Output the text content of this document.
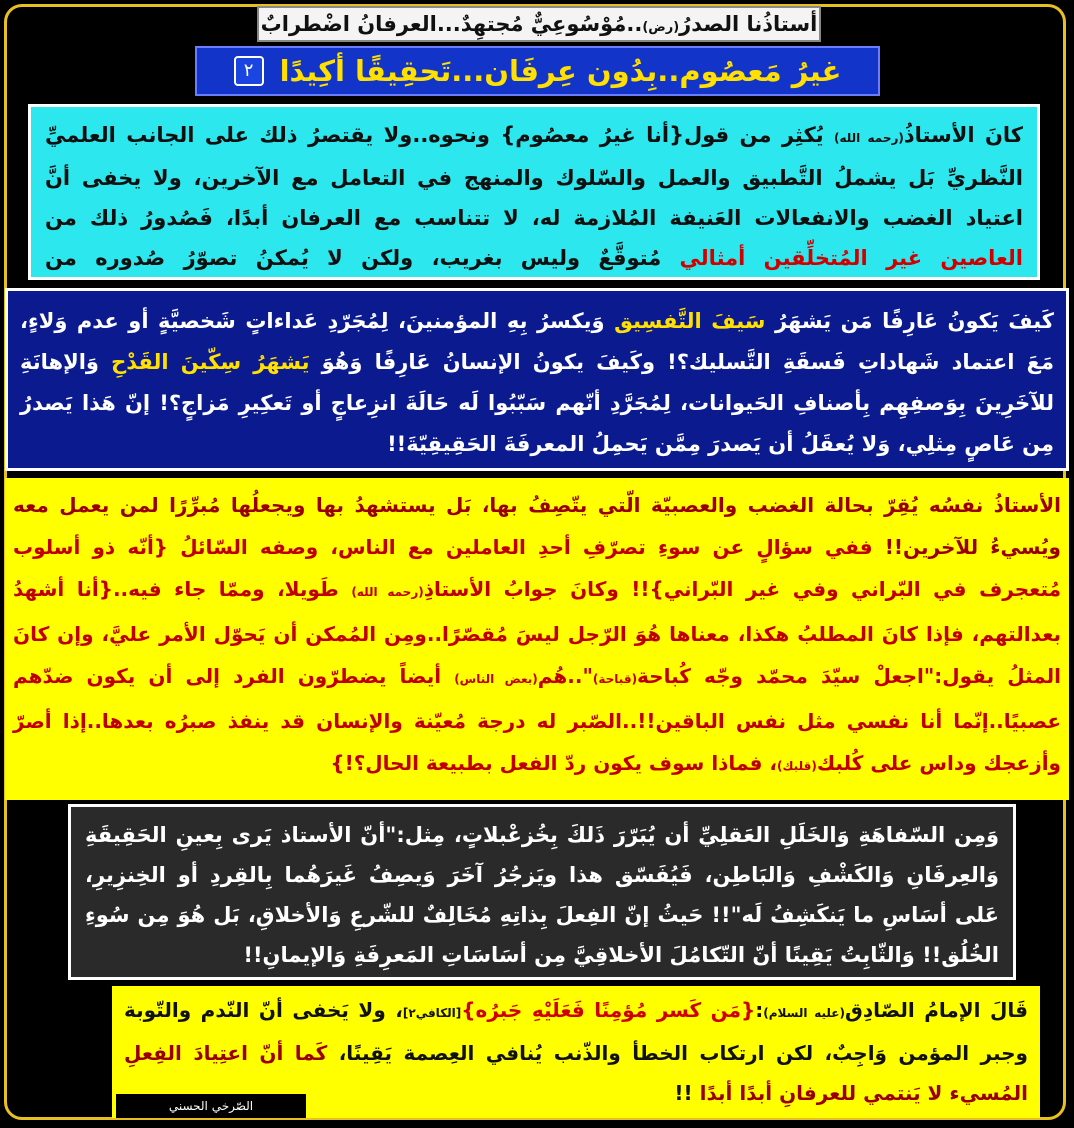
أستاذُنا الصدرُ(رض)..مُوْسُوعِيٌّ مُجتهِدٌ...العرفانُ اضْطرابٌ
غيرُ مَعصُوم..بِدُون عِرفَان...تَحقِيقًا أكِيدًا
٢
كانَ الأستاذُ(رحمه الله) يُكثِر من قول{أنا غيرُ معصُوم} ونحوه..ولا يقتصرُ ذلك على الجانب العلميِّ النَّظريِّ بَل يشملُ التَّطبيق والعمل والسّلوك والمنهج في التعامل مع الآخرين، ولا يخفى أنَّ اعتياد الغضب والانفعالات العَنيفة المُلازمة له، لا تتناسب مع العرفان أبدًا، فَصُدورُ ذلك من العاصين غير المُتخلِّقين أمثالي مُتوقَّعٌ وليس بغريب، ولكن لا يُمكنُ تصوّرُ صُدوره من
كَيفَ يَكونُ عَارِفًا مَن يَشهَرُ سَيفَ التَّفسِيق وَيكسرُ بِهِ المؤمنينَ، لِمُجَرّدِ عَداءاتٍ شَخصيَّةٍ أو عدم وَلاءٍ، مَعَ اعتماد شَهاداتِ فَسقَةِ التَّسليك؟! وكَيفَ يكونُ الإنسانُ عَارِفًا وَهُوَ يَشهَرُ سِكّينَ القَدْحِ وَالإهانَةِ للآخَرِينَ بِوَصفِهِم بِأصنافِ الحَيوانات، لِمُجَرَّدِ أنّهم سَبّبُوا لَه حَالَةَ انزِعاجٍ أو تَعكِيرِ مَزاجٍ؟! إنّ هَذا يَصدرُ مِن عَاصٍ مِثلِي، وَلا يُعقَلُ أن يَصدرَ مِمَّن يَحمِلُ المعرفَةَ الحَقِيقِيّةَ!!
الأستاذُ نفسُه يُقِرّ بحالة الغضب والعصبيّة الّتي يتّصِفُ بها، بَل يستشهدُ بها ويجعلُها مُبرِّرًا لمن يعمل معه ويُسيءُ للآخرين!! ففي سؤالٍ عن سوءِ تصرّفِ أحدِ العاملين مع الناس، وصفه السّائلُ {أنّه ذو أسلوب مُتعجرف في البّراني وفي غير البّراني}!! وكانَ جوابُ الأستاذِ(رحمه الله) طَويلا، وممّا جاء فيه..{أنا أشهدُ بعدالتهم، فإذا كانَ المطلبُ هكذا، معناها هُوَ الرّجل ليسَ مُقصّرًا..ومِن المُمكن أن يَحوّل الأمر عليَّ، وإن كانَ المثلُ يقول:"اجعلْ سيّدَ محمّد وجّه كُباحة(قباحة)"..هُم(بعض الناس) أيضاً يضطرّون الفرد إلى أن يكون ضدّهم عصبيًا..إنّما أنا نفسي مثل نفس الباقين!!..الصّبر له درجة مُعيّنة والإنسان قد ينفذ صبرُه بعدها..إذا أصرّ وأزعجك وداس على كُلبك(قلبك)، فماذا سوف يكون ردّ الفعل بطبيعة الحال؟!}
وَمِن السّفاهَةِ وَالخَلَلِ العَقلِيِّ أن يُبَرّرَ ذَلكَ بِخُزعْبلاتٍ، مِثل:"أنّ الأستاذ يَرى بِعينِ الحَقِيقَةِ وَالعِرفَانِ وَالكَشْفِ وَالبَاطِن، فَيُفَسّق هذا ويَزجُرُ آخَرَ وَيصِفُ غَيرَهُما بِالقِردِ أو الخِنزِيرِ، عَلى أسَاسِ ما يَنكَشِفُ لَه"!! حَيثُ إنّ الفِعلَ بِذاتِهِ مُخَالِفٌ للشّرعِ وَالأخلاقِ، بَل هُوَ مِن سُوءِ الخُلُق!! وَالثّابِتُ يَقِينًا أنّ التّكامُلَ الأخلاقِيَّ مِن أسَاسَاتِ المَعرِفَةِ وَالإيمانِ!!
قَالَ الإمامُ الصّادِق(عليه السلام):{مَن كَسر مُؤمِنًا فَعَلَيْهِ جَبرُه}[الكافي٢]، ولا يَخفى أنّ النّدم والتّوبة وجبر المؤمن وَاجِبٌ، لكن ارتكاب الخطأ والذّنب يُنافي العِصمة يَقِينًا، كَما أنّ اعتِيادَ الفِعلِ المُسيء لا يَنتمي للعرفانِ أبدًا أبدًا !!
الصّرخي الحسني
